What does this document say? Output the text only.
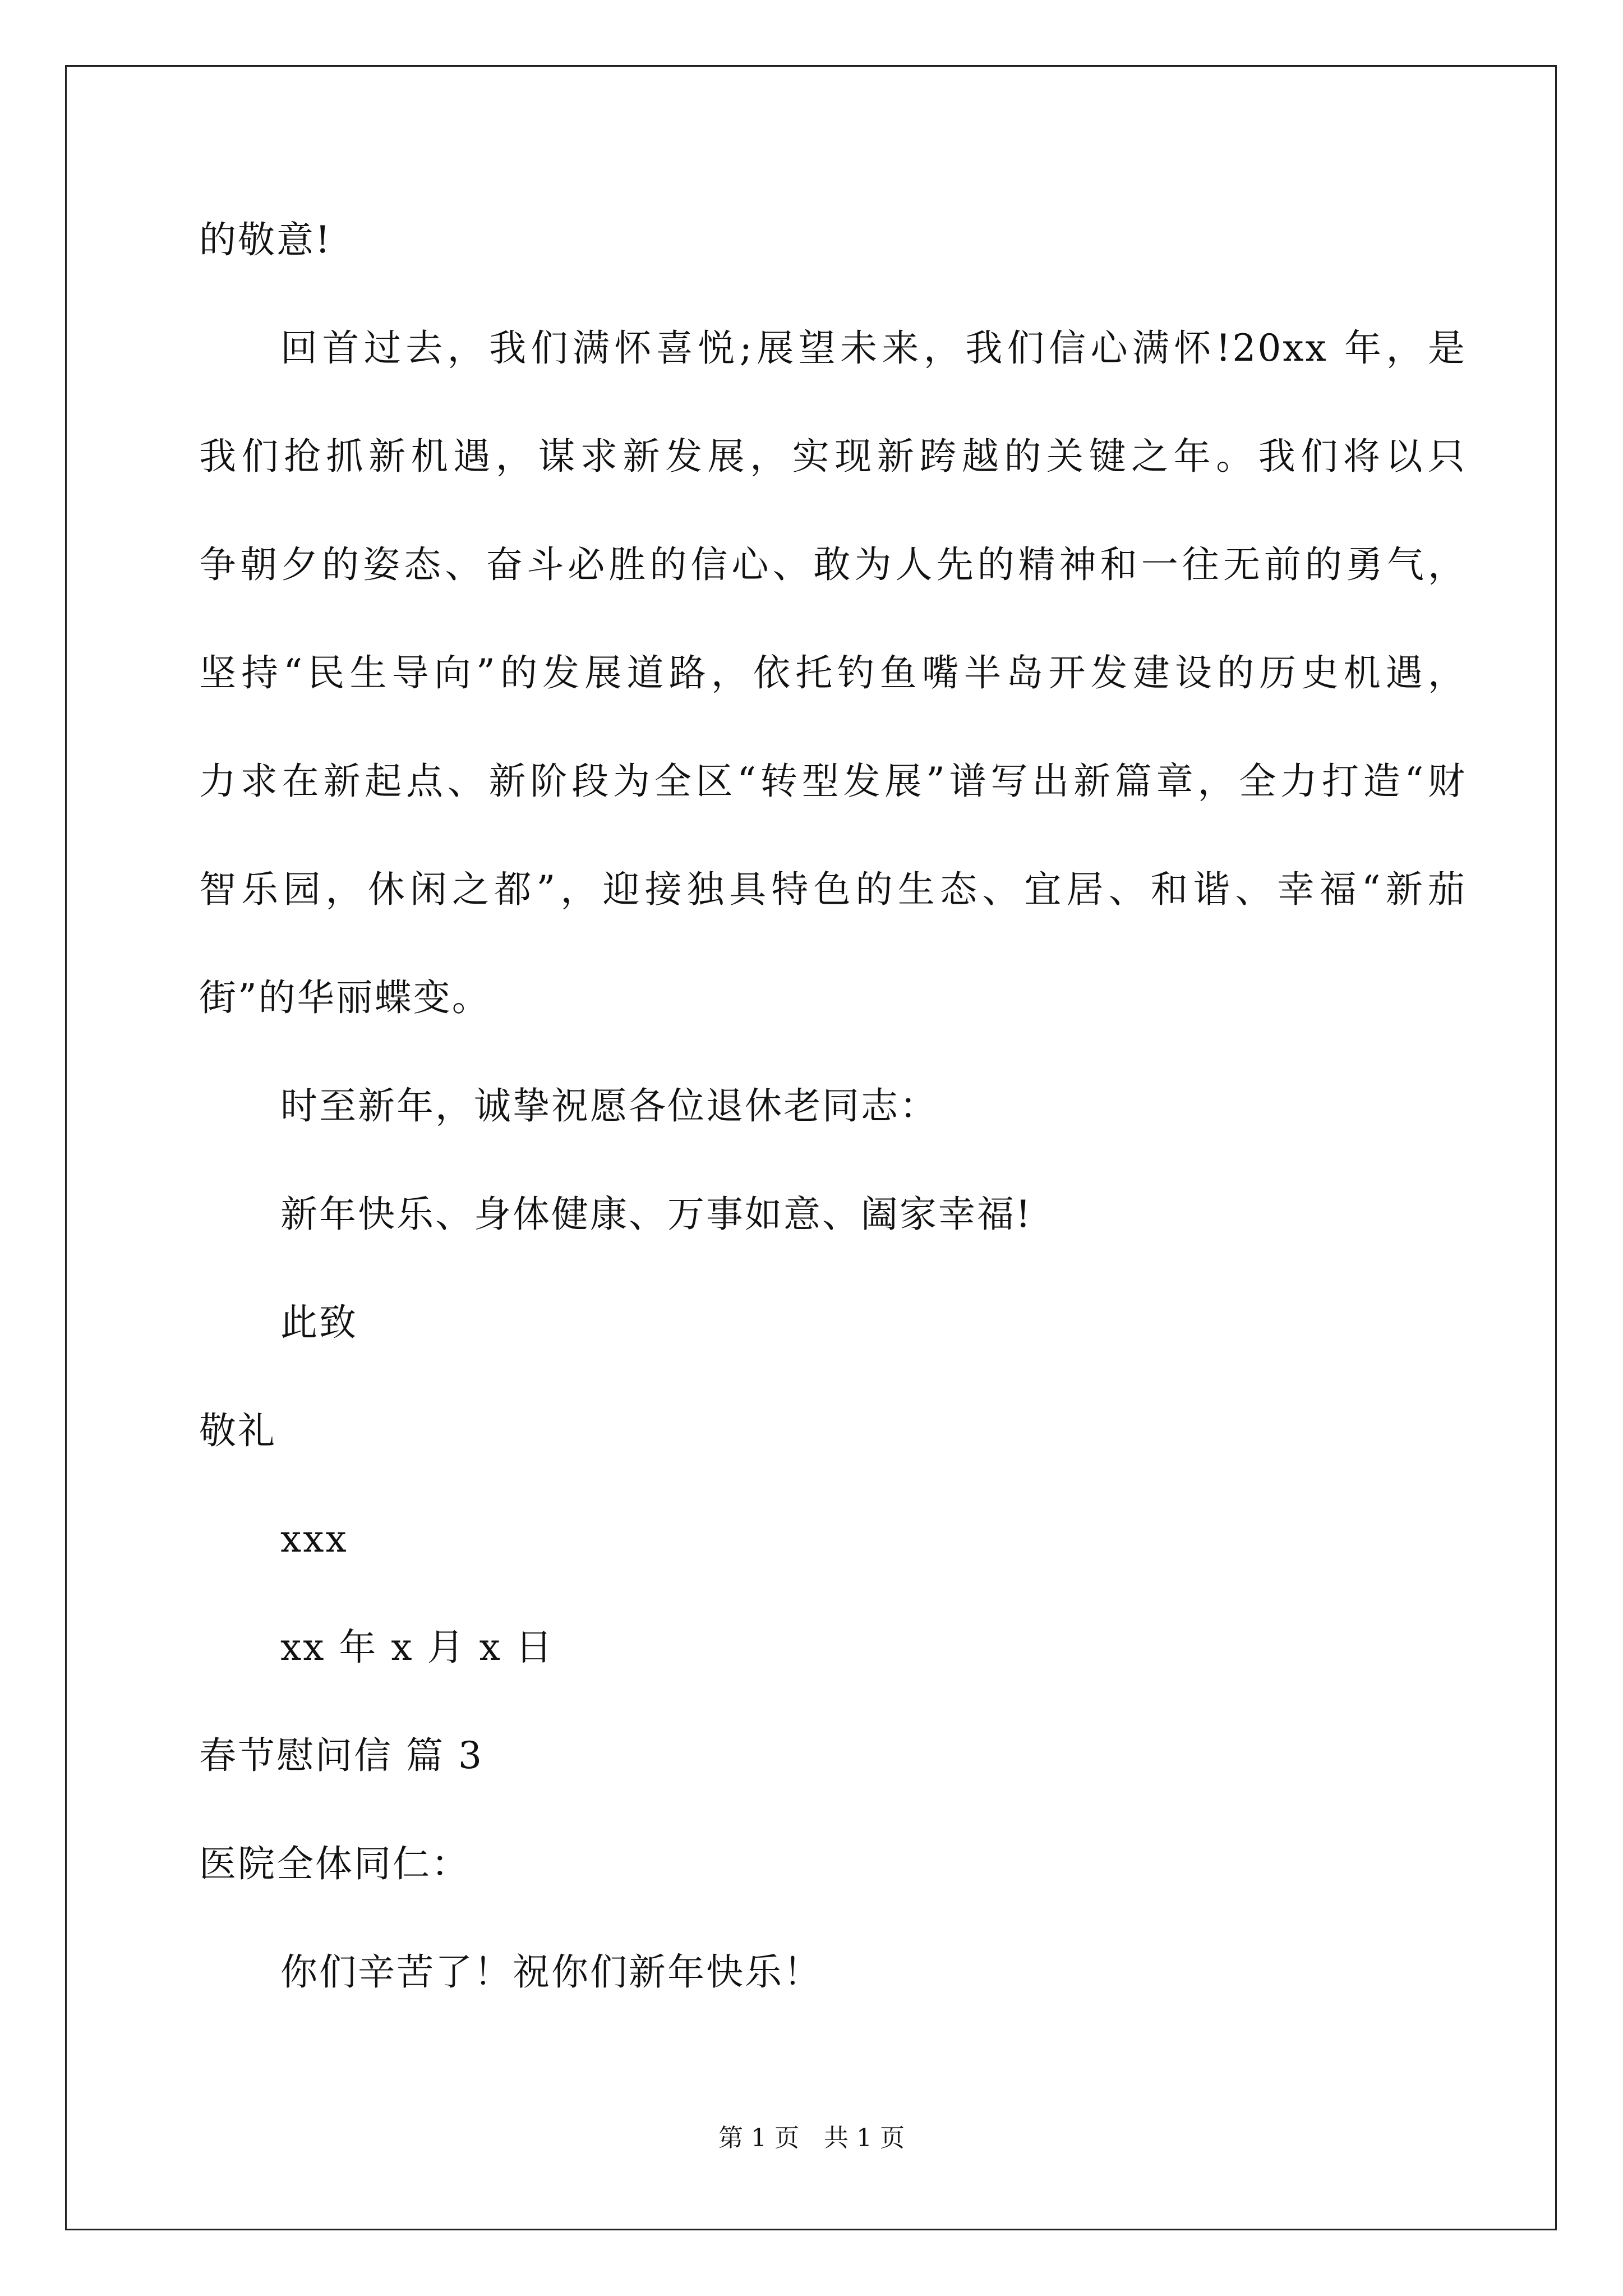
的敬意!

回首过去，我们满怀喜悦;展望未来，我们信心满怀!20xx 年，是

我们抢抓新机遇，谋求新发展，实现新跨越的关键之年。我们将以只

争朝夕的姿态、奋斗必胜的信心、敢为人先的精神和一往无前的勇气，

坚持“民生导向”的发展道路，依托钓鱼嘴半岛开发建设的历史机遇，

力求在新起点、新阶段为全区“转型发展”谱写出新篇章，全力打造“财

智乐园，休闲之都”，迎接独具特色的生态、宜居、和谐、幸福“新茄

街”的华丽蝶变。

时至新年，诚挚祝愿各位退休老同志：

新年快乐、身体健康、万事如意、阖家幸福!

此致

敬礼

xxx

xx 年 x 月 x 日

春节慰问信 篇 3

医院全体同仁：

你们辛苦了！祝你们新年快乐！

第 1 页　共 1 页
